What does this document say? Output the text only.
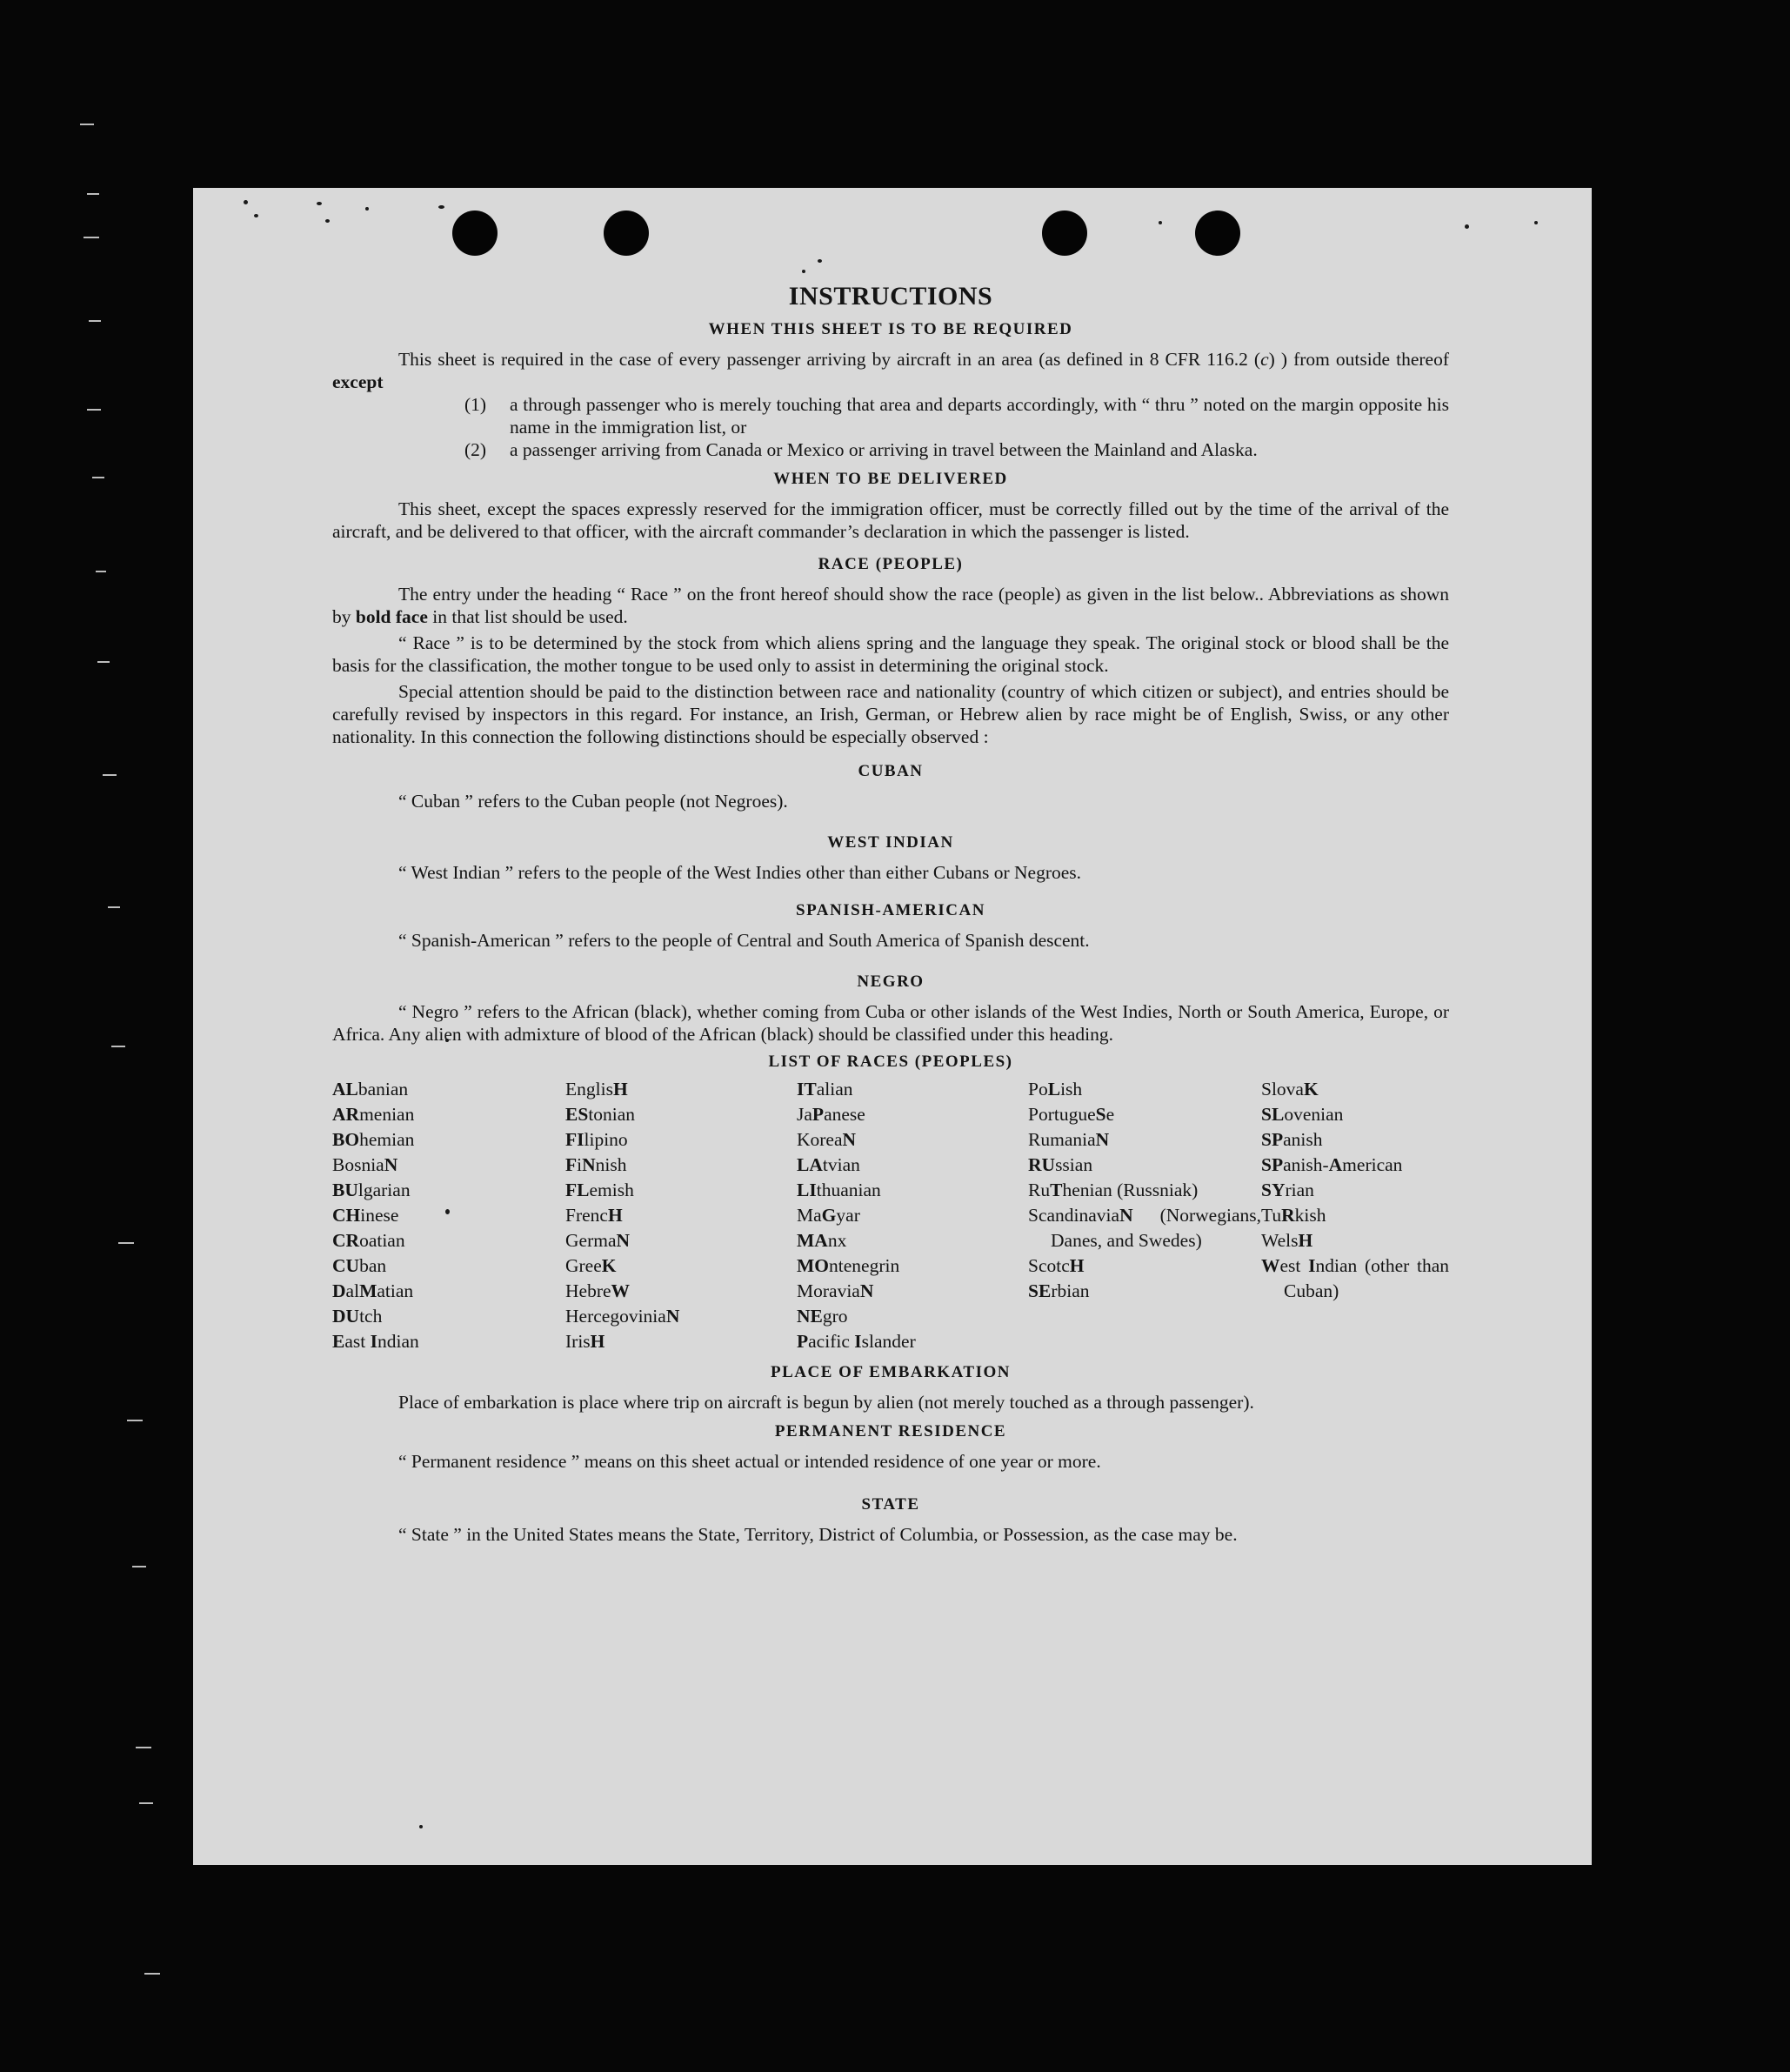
INSTRUCTIONS
WHEN THIS SHEET IS TO BE REQUIRED

This sheet is required in the case of every passenger arriving by aircraft in an area (as defined in 8 CFR 116.2 (c) ) from outside thereof except

(1)	a through passenger who is merely touching that area and departs accordingly, with “ thru ” noted on the margin opposite his name in the immigration list, or
(2)	a passenger arriving from Canada or Mexico or arriving in travel between the Mainland and Alaska.
WHEN TO BE DELIVERED

This sheet, except the spaces expressly reserved for the immigration officer, must be correctly filled out by the time of the arrival of the aircraft, and be delivered to that officer, with the aircraft commander’s declaration in which the passenger is listed.

RACE (PEOPLE)

The entry under the heading “ Race ” on the front hereof should show the race (people) as given in the list below.. Abbreviations as shown by bold face in that list should be used.

“ Race ” is to be determined by the stock from which aliens spring and the language they speak. The original stock or blood shall be the basis for the classification, the mother tongue to be used only to assist in determining the original stock.

Special attention should be paid to the distinction between race and nationality (country of which citizen or subject), and entries should be carefully revised by inspectors in this regard. For instance, an Irish, German, or Hebrew alien by race might be of English, Swiss, or any other nationality. In this connection the following distinctions should be especially observed :

CUBAN

“ Cuban ” refers to the Cuban people (not Negroes).

WEST INDIAN

“ West Indian ” refers to the people of the West Indies other than either Cubans or Negroes.

SPANISH-AMERICAN

“ Spanish-American ” refers to the people of Central and South America of Spanish descent.

NEGRO

“ Negro ” refers to the African (black), whether coming from Cuba or other islands of the West Indies, North or South America, Europe, or Africa. Any alien with admixture of blood of the African (black) should be classified under this heading.

LIST OF RACES (PEOPLES)
ALbanian
ARmenian
BOhemian
BosniaN
BUlgarian
CHinese
CRoatian
CUban
DalMatian
DUtch
East Indian
EnglisH
EStonian
FIlipino
FiNnish
FLemish
FrencH
GermaN
GreeK
HebreW
HercegoviniaN
IrisH
ITalian
JaPanese
KoreaN
LAtvian
LIthuanian
MaGyar
MAnx
MOntenegrin
MoraviaN
NEgro
Pacific Islander
PoLish
PortugueSe
RumaniaN
RUssian
RuThenian (Russniak)
ScandinaviaN (Norwegians, Danes, and Swedes)
ScotcH
SErbian
SlovaK
SLovenian
SPanish
SPanish-American
SYrian
TuRkish
WelsH
West Indian (other than Cuban)
PLACE OF EMBARKATION

Place of embarkation is place where trip on aircraft is begun by alien (not merely touched as a through passenger).

PERMANENT RESIDENCE

“ Permanent residence ” means on this sheet actual or intended residence of one year or more.

STATE

“ State ” in the United States means the State, Territory, District of Columbia, or Possession, as the case may be.
